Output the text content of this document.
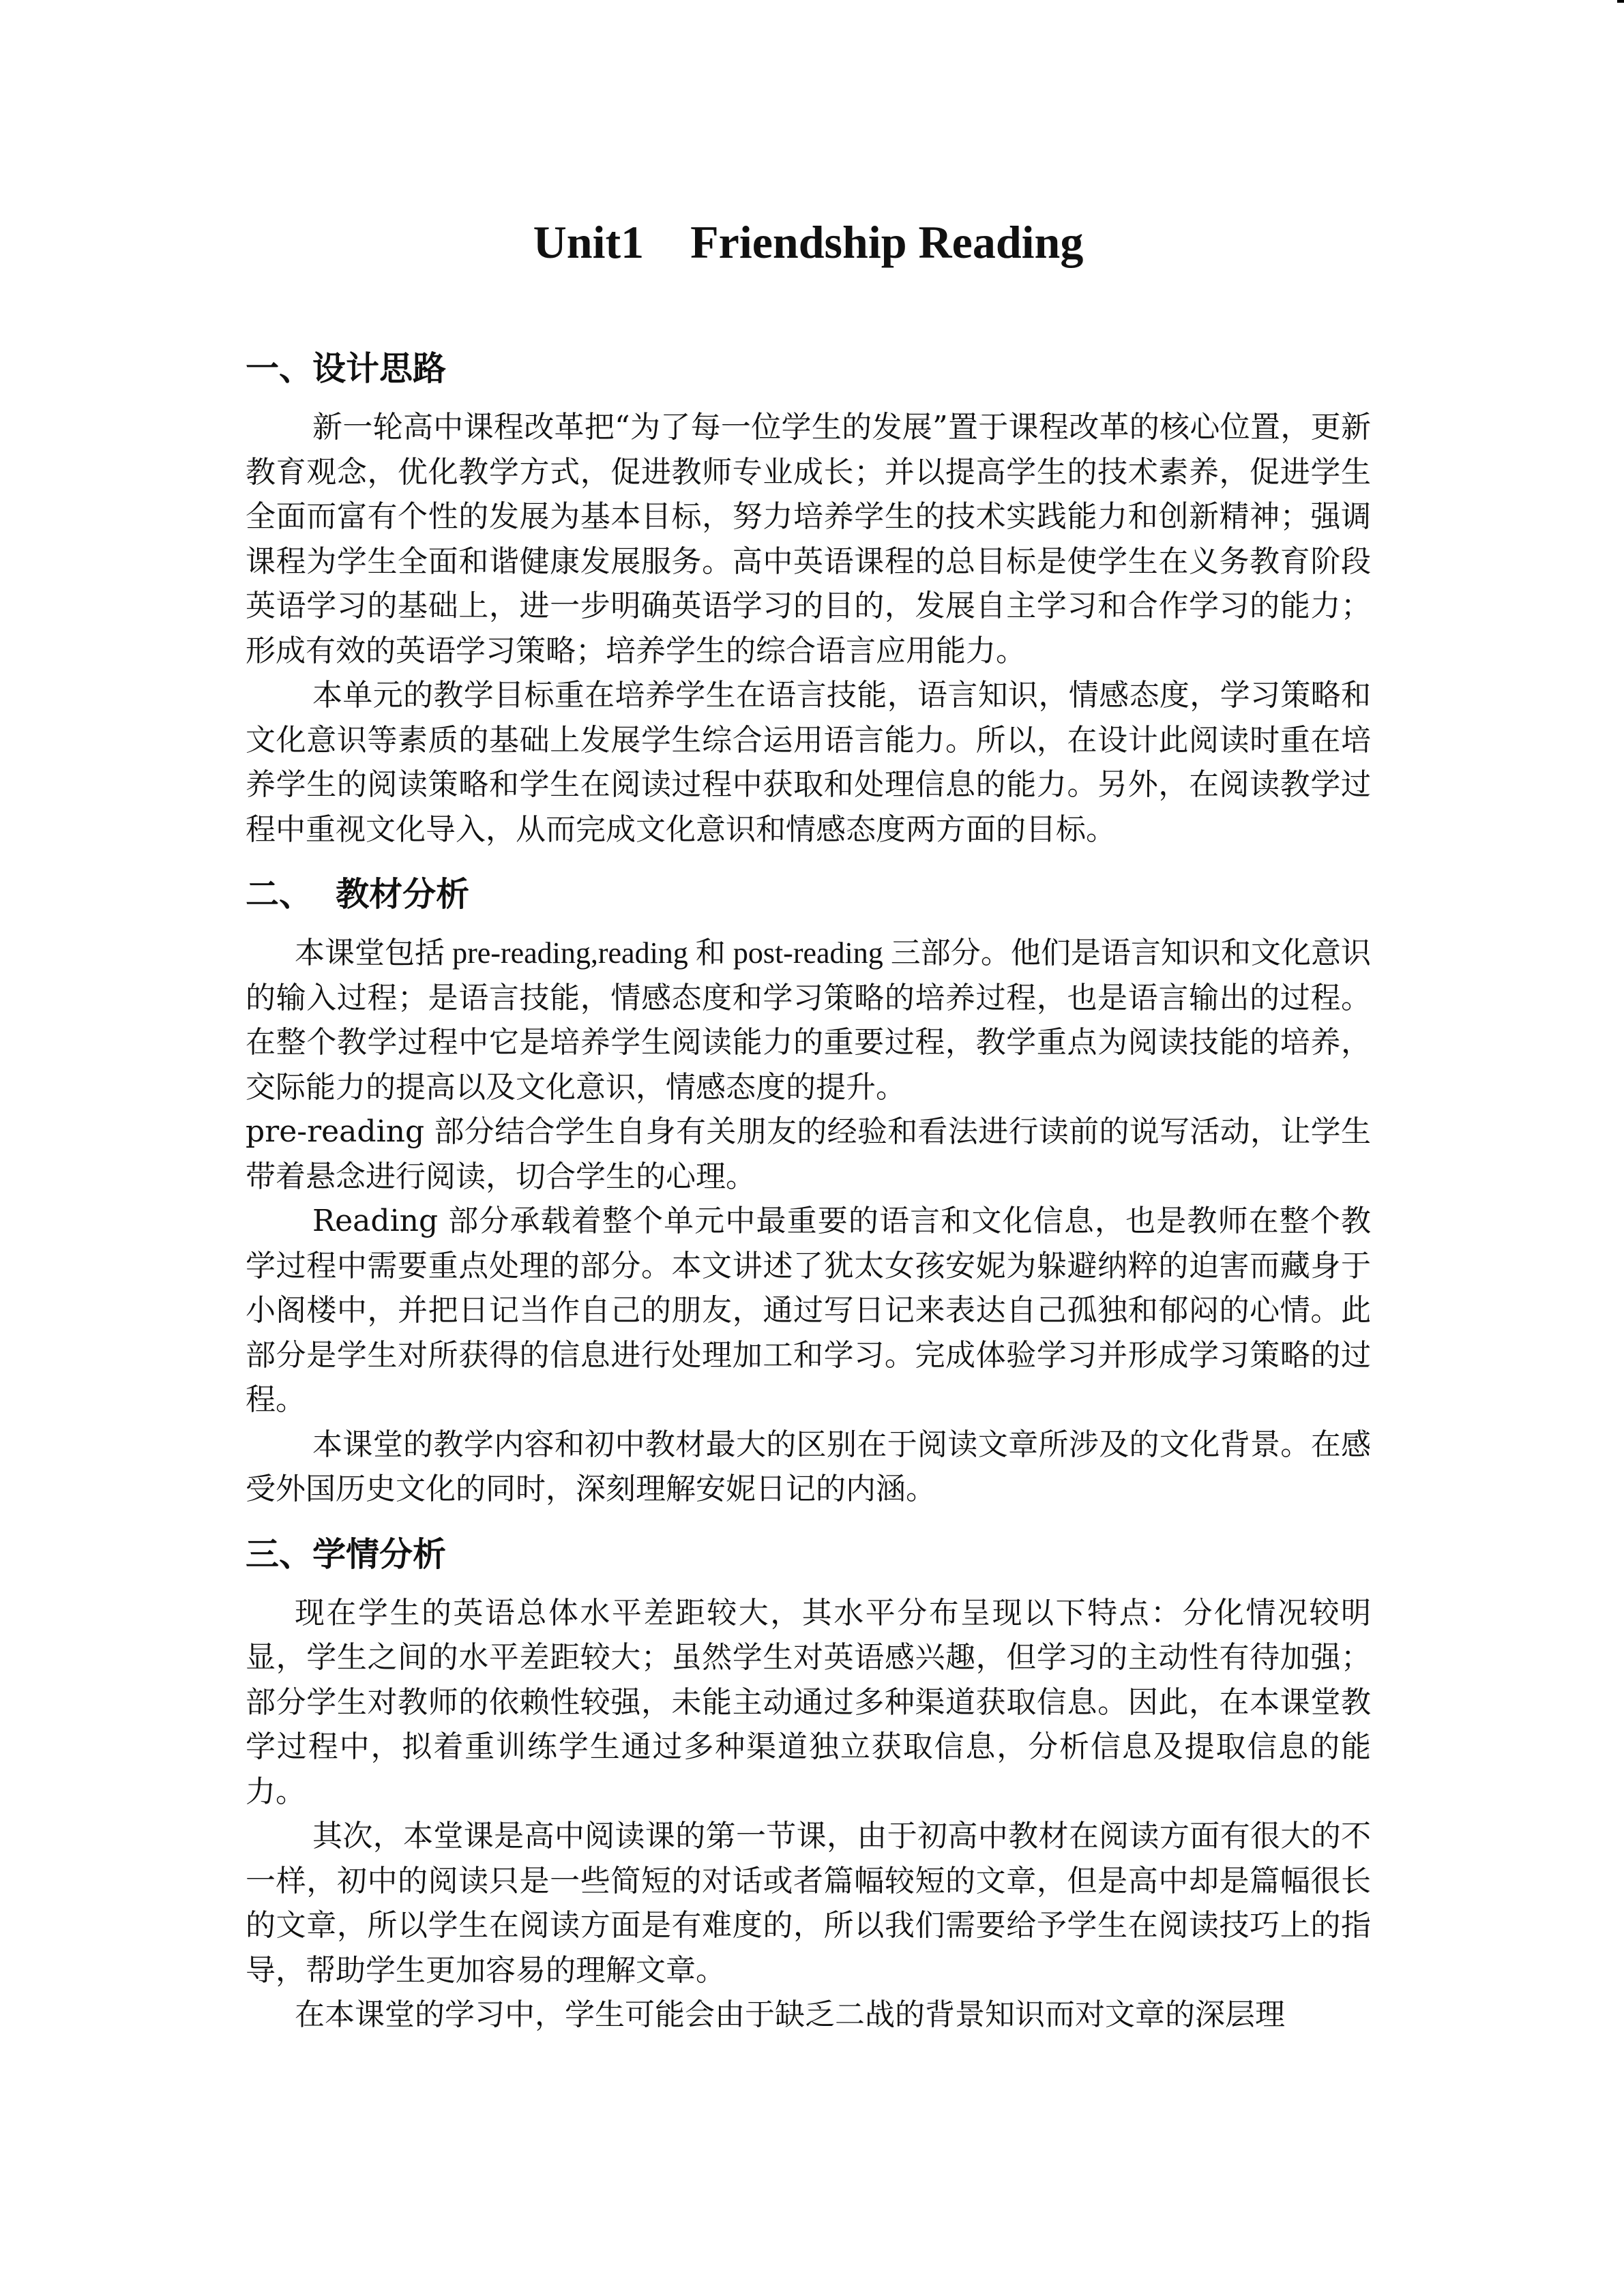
Unit1    Friendship Reading
一、设计思路

新一轮高中课程改革把“为了每一位学生的发展”置于课程改革的核心位置，更新教育观念，优化教学方式，促进教师专业成长；并以提高学生的技术素养，促进学生全面而富有个性的发展为基本目标，努力培养学生的技术实践能力和创新精神；强调课程为学生全面和谐健康发展服务。高中英语课程的总目标是使学生在义务教育阶段英语学习的基础上，进一步明确英语学习的目的，发展自主学习和合作学习的能力；形成有效的英语学习策略；培养学生的综合语言应用能力。

本单元的教学目标重在培养学生在语言技能，语言知识，情感态度，学习策略和文化意识等素质的基础上发展学生综合运用语言能力。所以，在设计此阅读时重在培养学生的阅读策略和学生在阅读过程中获取和处理信息的能力。另外，在阅读教学过程中重视文化导入，从而完成文化意识和情感态度两方面的目标。

二、  教材分析

本课堂包括 pre-reading,reading 和 post-reading 三部分。他们是语言知识和文化意识的输入过程；是语言技能，情感态度和学习策略的培养过程，也是语言输出的过程。在整个教学过程中它是培养学生阅读能力的重要过程，教学重点为阅读技能的培养，交际能力的提高以及文化意识，情感态度的提升。

pre-reading 部分结合学生自身有关朋友的经验和看法进行读前的说写活动，让学生带着悬念进行阅读，切合学生的心理。

Reading 部分承载着整个单元中最重要的语言和文化信息，也是教师在整个教学过程中需要重点处理的部分。本文讲述了犹太女孩安妮为躲避纳粹的迫害而藏身于小阁楼中，并把日记当作自己的朋友，通过写日记来表达自己孤独和郁闷的心情。此部分是学生对所获得的信息进行处理加工和学习。完成体验学习并形成学习策略的过程。

本课堂的教学内容和初中教材最大的区别在于阅读文章所涉及的文化背景。在感受外国历史文化的同时，深刻理解安妮日记的内涵。

三、学情分析

现在学生的英语总体水平差距较大，其水平分布呈现以下特点：分化情况较明显，学生之间的水平差距较大；虽然学生对英语感兴趣，但学习的主动性有待加强；部分学生对教师的依赖性较强，未能主动通过多种渠道获取信息。因此，在本课堂教学过程中，拟着重训练学生通过多种渠道独立获取信息，分析信息及提取信息的能力。

其次，本堂课是高中阅读课的第一节课，由于初高中教材在阅读方面有很大的不一样，初中的阅读只是一些简短的对话或者篇幅较短的文章，但是高中却是篇幅很长的文章，所以学生在阅读方面是有难度的，所以我们需要给予学生在阅读技巧上的指导，帮助学生更加容易的理解文章。

在本课堂的学习中，学生可能会由于缺乏二战的背景知识而对文章的深层理
